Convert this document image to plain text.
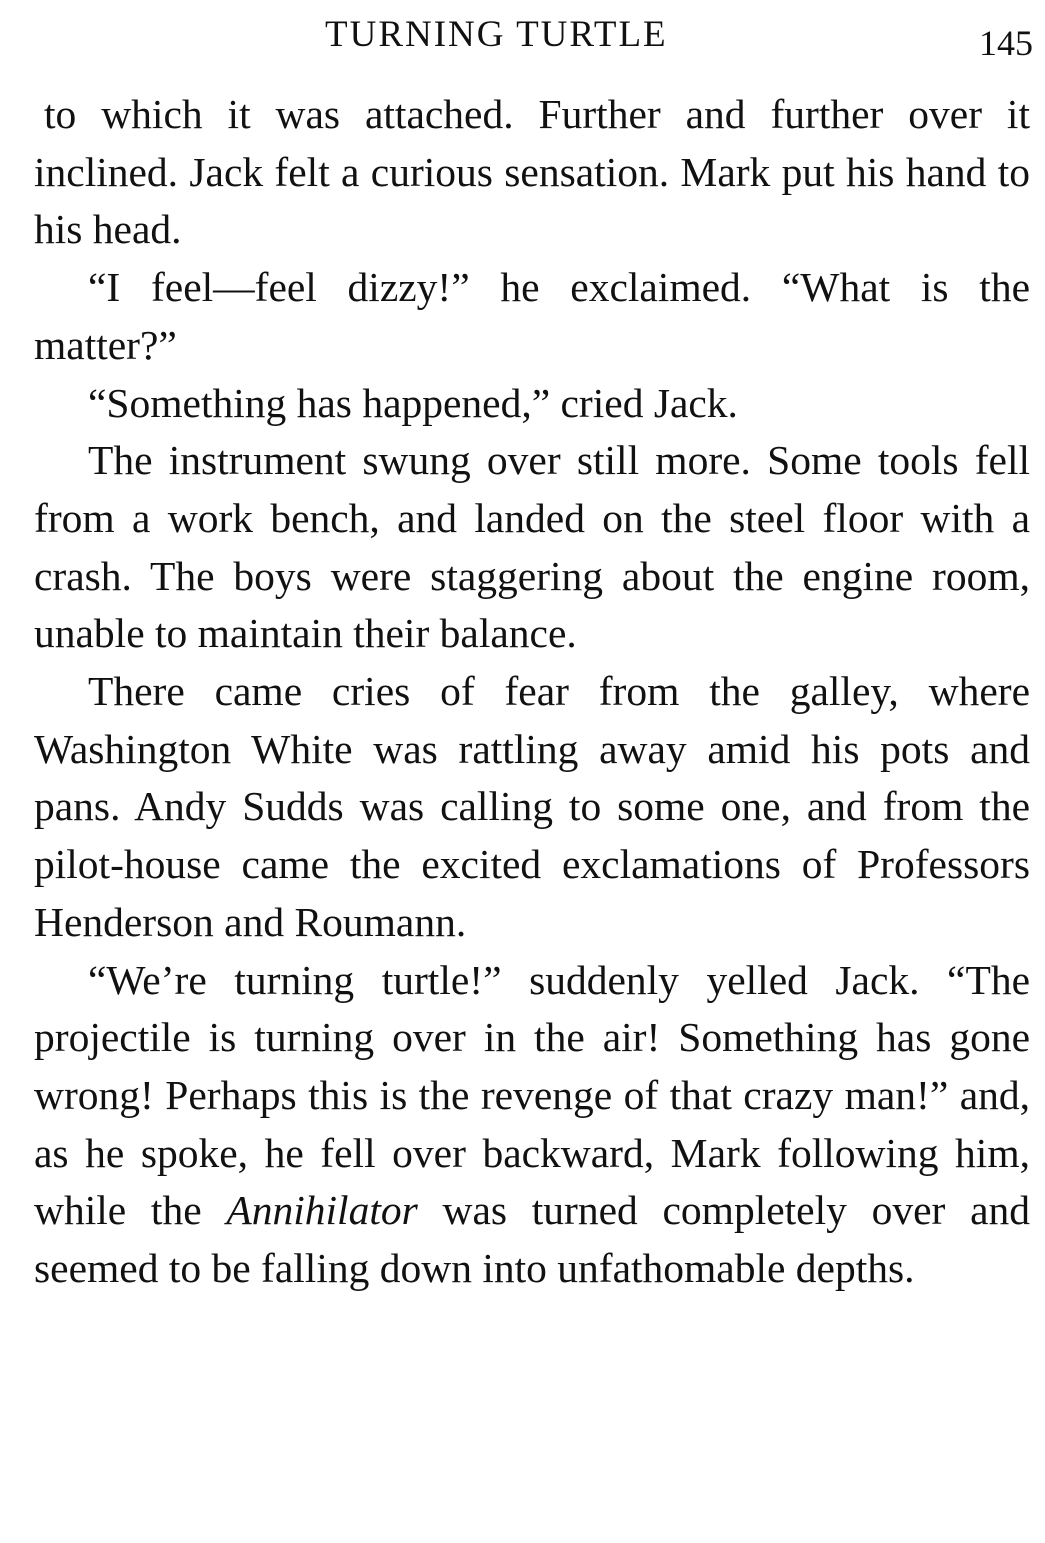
TURNING TURTLE	145

to which it was attached. Further and further over it inclined. Jack felt a curious sensation. Mark put his hand to his head.

“I feel—feel dizzy!” he exclaimed. “What is the matter?”

“Something has happened,” cried Jack.

The instrument swung over still more. Some tools fell from a work bench, and landed on the steel floor with a crash. The boys were staggering about the engine room, unable to maintain their balance.

There came cries of fear from the galley, where Washington White was rattling away amid his pots and pans. Andy Sudds was calling to some one, and from the pilot-house came the excited exclamations of Professors Henderson and Roumann.

“We’re turning turtle!” suddenly yelled Jack. “The projectile is turning over in the air! Something has gone wrong! Perhaps this is the revenge of that crazy man!” and, as he spoke, he fell over backward, Mark following him, while the Annihilator was turned completely over and seemed to be falling down into unfathomable depths.
